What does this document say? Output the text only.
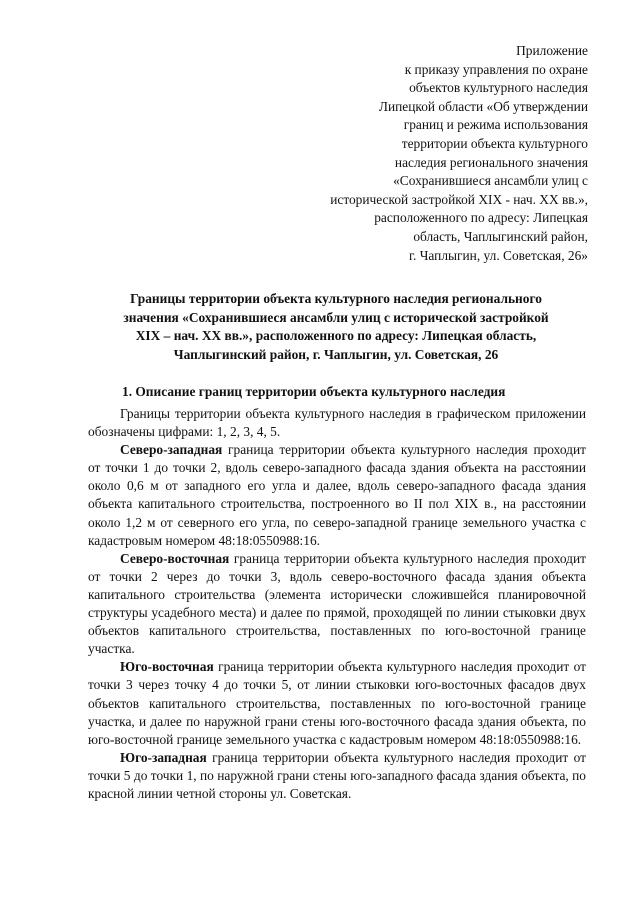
Приложение
к приказу управления по охране
объектов культурного наследия
Липецкой области «Об утверждении
границ и режима использования
территории объекта культурного
наследия регионального значения
«Сохранившиеся ансамбли улиц с
исторической застройкой XIX - нач. XX вв.»,
расположенного по адресу: Липецкая
область, Чаплыгинский район,
г. Чаплыгин, ул. Советская, 26»
Границы территории объекта культурного наследия регионального
значения «Сохранившиеся ансамбли улиц с исторической застройкой
XIX – нач. XX вв.», расположенного по адресу: Липецкая область,
Чаплыгинский район, г. Чаплыгин, ул. Советская, 26
1. Описание границ территории объекта культурного наследия

Границы территории объекта культурного наследия в графическом приложении обозначены цифрами: 1, 2, 3, 4, 5.

Северо-западная граница территории объекта культурного наследия проходит от точки 1 до точки 2, вдоль северо-западного фасада здания объекта на расстоянии около 0,6 м от западного его угла и далее, вдоль северо-западного фасада здания объекта капитального строительства, построенного во II пол XIX в., на расстоянии около 1,2 м от северного его угла, по северо-западной границе земельного участка с кадастровым номером 48:18:0550988:16.

Северо-восточная граница территории объекта культурного наследия проходит от точки 2 через до точки 3, вдоль северо-восточного фасада здания объекта капитального строительства (элемента исторически сложившейся планировочной структуры усадебного места) и далее по прямой, проходящей по линии стыковки двух объектов капитального строительства, поставленных по юго-восточной границе участка.

Юго-восточная граница территории объекта культурного наследия проходит от точки 3 через точку 4 до точки 5, от линии стыковки юго-восточных фасадов двух объектов капитального строительства, поставленных по юго-восточной границе участка, и далее по наружной грани стены юго-восточного фасада здания объекта, по юго-восточной границе земельного участка с кадастровым номером 48:18:0550988:16.

Юго-западная граница территории объекта культурного наследия проходит от точки 5 до точки 1, по наружной грани стены юго-западного фасада здания объекта, по красной линии четной стороны ул. Советская.
